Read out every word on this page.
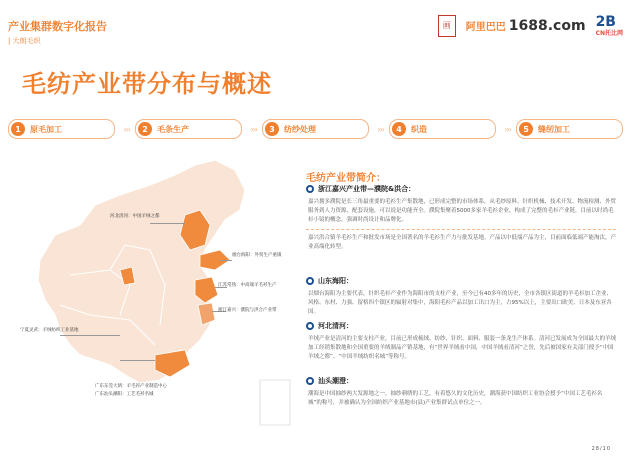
产业集群数字化报告
| 大朗毛织
画	阿里巴巴 1688.com 2B
CN托比网
毛纺产业带分布与概述
1	原毛加工	›››	2	毛条生产	›››	3	纺纱处理	›››	4	织造	›››	5	缝纫加工
河北清河：中国羊绒之都
烟台海阳：外贸生产重镇
江苏常熟：中高端羊毛衫生产
浙江嘉兴：濮院与洪合产业带
宁夏灵武：羊绒纺织工业基地
广东东莞大朗：羊毛衫产业制造中心
广东汕头潮阳：工艺毛衫名城
毛纺产业带简介：
浙江嘉兴产业带—濮院&洪合：
嘉兴拥多濮院是长三角最重要的毛衫生产集散地，已形成完整的市场体系，从毛纱原料、针织机械、技术开发、物流检测、外贸服务到人力资源、配套设施，可以说是功能齐全。濮院集聚着5000多家羊毛衫企业，构成了完整的毛衫产业链，目前以时尚毛衫小镜的概念，强调时尚设计和品牌化。
嘉兴洪合镇羊毛衫生产和批发市场是全国著名的羊毛衫生产力与批发基地。产品以中低端产品为主，目前面临低端产能淘汰，产业高端化转型。
山东海阳：
以烟台海阳为主要代表，针织毛衫产业作为海阳市的支柱产业，至今已有40多年的历史，全市各镇区街道的羊毛衫加工企业、风格、东村、力强、留格四个镇区的辐射对集中，海阳毛衫产品以加工出口为主，占95%以上，主要出口欧美、日本及东亚各国。
河北清河：
羊绒产业是清河的主要支柱产业，目前已形成梳绒、纺纱、针织、面料、服装一条龙生产体系。清河已发展成为全国最大的羊绒加工经销集散地和全国重要的羊绒制品产销基地，有“世界羊绒看中国，中国羊绒看清河”之誉，先后被国家有关部门授予“中国羊绒之都”、“中国羊绒纺织名城”等称号。
汕头潮澄：
潮海是中国抽纱两大发源地之一，抽纱刺绣的工艺，有着悠久的文化历史，潮海获中国纺织工业协会授予“中国工艺毛衫名城”的称号，并被确认为全国纺织产业基地市(县)产业集群试点单位之一。
28/10
